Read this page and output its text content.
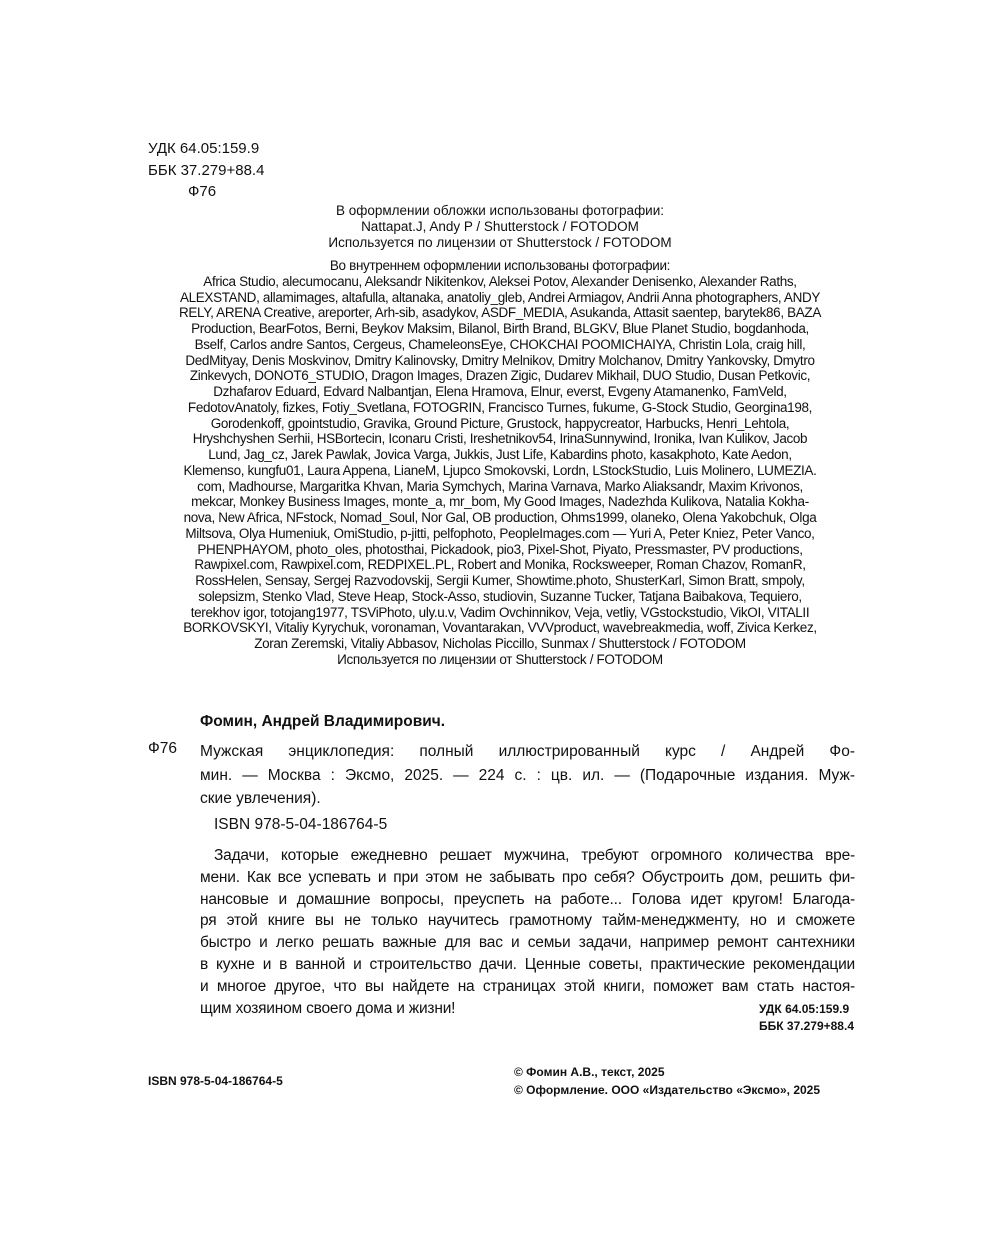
УДК 64.05:159.9
ББК 37.279+88.4
Ф76
В оформлении обложки использованы фотографии:
Nattapat.J, Andy P / Shutterstock / FOTODOM
Используется по лицензии от Shutterstock / FOTODOM
Во внутреннем оформлении использованы фотографии:
Africa Studio, alecumocanu, Aleksandr Nikitenkov, Aleksei Potov, Alexander Denisenko, Alexander Raths,
ALEXSTAND, allamimages, altafulla, altanaka, anatoliy_gleb, Andrei Armiagov, Andrii Anna photographers, ANDY
RELY, ARENA Creative, areporter, Arh-sib, asadykov, ASDF_MEDIA, Asukanda, Attasit saentep, barytek86, BAZA
Production, BearFotos, Berni, Beykov Maksim, Bilanol, Birth Brand, BLGKV, Blue Planet Studio, bogdanhoda,
Bself, Carlos andre Santos, Cergeus, ChameleonsEye, CHOKCHAI POOMICHAIYA, Christin Lola, craig hill,
DedMityay, Denis Moskvinov, Dmitry Kalinovsky, Dmitry Melnikov, Dmitry Molchanov, Dmitry Yankovsky, Dmytro
Zinkevych, DONOT6_STUDIO, Dragon Images, Drazen Zigic, Dudarev Mikhail, DUO Studio, Dusan Petkovic,
Dzhafarov Eduard, Edvard Nalbantjan, Elena Hramova, Elnur, everst, Evgeny Atamanenko, FamVeld,
FedotovAnatoly, fizkes, Fotiy_Svetlana, FOTOGRIN, Francisco Turnes, fukume, G-Stock Studio, Georgina198,
Gorodenkoff, gpointstudio, Gravika, Ground Picture, Grustock, happycreator, Harbucks, Henri_Lehtola,
Hryshchyshen Serhii, HSBortecin, Iconaru Cristi, Ireshetnikov54, IrinaSunnywind, Ironika, Ivan Kulikov, Jacob
Lund, Jag_cz, Jarek Pawlak, Jovica Varga, Jukkis, Just Life, Kabardins photo, kasakphoto, Kate Aedon,
Klemenso, kungfu01, Laura Appena, LianeM, Ljupco Smokovski, Lordn, LStockStudio, Luis Molinero, LUMEZIA.
com, Madhourse, Margaritka Khvan, Maria Symchych, Marina Varnava, Marko Aliaksandr, Maxim Krivonos,
mekcar, Monkey Business Images, monte_a, mr_bom, My Good Images, Nadezhda Kulikova, Natalia Kokha-
nova, New Africa, NFstock, Nomad_Soul, Nor Gal, OB production, Ohms1999, olaneko, Olena Yakobchuk, Olga
Miltsova, Olya Humeniuk, OmiStudio, p-jitti, pelfophoto, PeopleImages.com — Yuri A, Peter Kniez, Peter Vanco,
PHENPHAYOM, photo_oles, photosthai, Pickadook, pio3, Pixel-Shot, Piyato, Pressmaster, PV productions,
Rawpixel.com, Rawpixel.com, REDPIXEL.PL, Robert and Monika, Rocksweeper, Roman Chazov, RomanR,
RossHelen, Sensay, Sergej Razvodovskij, Sergii Kumer, Showtime.photo, ShusterKarl, Simon Bratt, smpoly,
solepsizm, Stenko Vlad, Steve Heap, Stock-Asso, studiovin, Suzanne Tucker, Tatjana Baibakova, Tequiero,
terekhov igor, totojang1977, TSViPhoto, uly.u.v, Vadim Ovchinnikov, Veja, vetliy, VGstockstudio, VikOI, VITALII
BORKOVSKYI, Vitaliy Kyrychuk, voronaman, Vovantarakan, VVVproduct, wavebreakmedia, woff, Zivica Kerkez,
Zoran Zeremski, Vitaliy Abbasov, Nicholas Piccillo, Sunmax / Shutterstock / FOTODOM
Используется по лицензии от Shutterstock / FOTODOM
Фомин, Андрей Владимирович.
Ф76 Мужская энциклопедия: полный иллюстрированный курс / Андрей Фо-
мин. — Москва : Эксмо, 2025. — 224 с. : цв. ил. — (Подарочные издания. Муж-
ские увлечения).
ISBN 978-5-04-186764-5
Задачи, которые ежедневно решает мужчина, требуют огромного количества вре-
мени. Как все успевать и при этом не забывать про себя? Обустроить дом, решить фи-
нансовые и домашние вопросы, преуспеть на работе... Голова идет кругом! Благода-
ря этой книге вы не только научитесь грамотному тайм-менеджменту, но и сможете
быстро и легко решать важные для вас и семьи задачи, например ремонт сантехники
в кухне и в ванной и строительство дачи. Ценные советы, практические рекомендации
и многое другое, что вы найдете на страницах этой книги, поможет вам стать настоя-
щим хозяином своего дома и жизни!	УДК 64.05:159.9
ББК 37.279+88.4
© Фомин А.В., текст, 2025
© Оформление. ООО «Издательство «Эксмо», 2025
ISBN 978-5-04-186764-5
